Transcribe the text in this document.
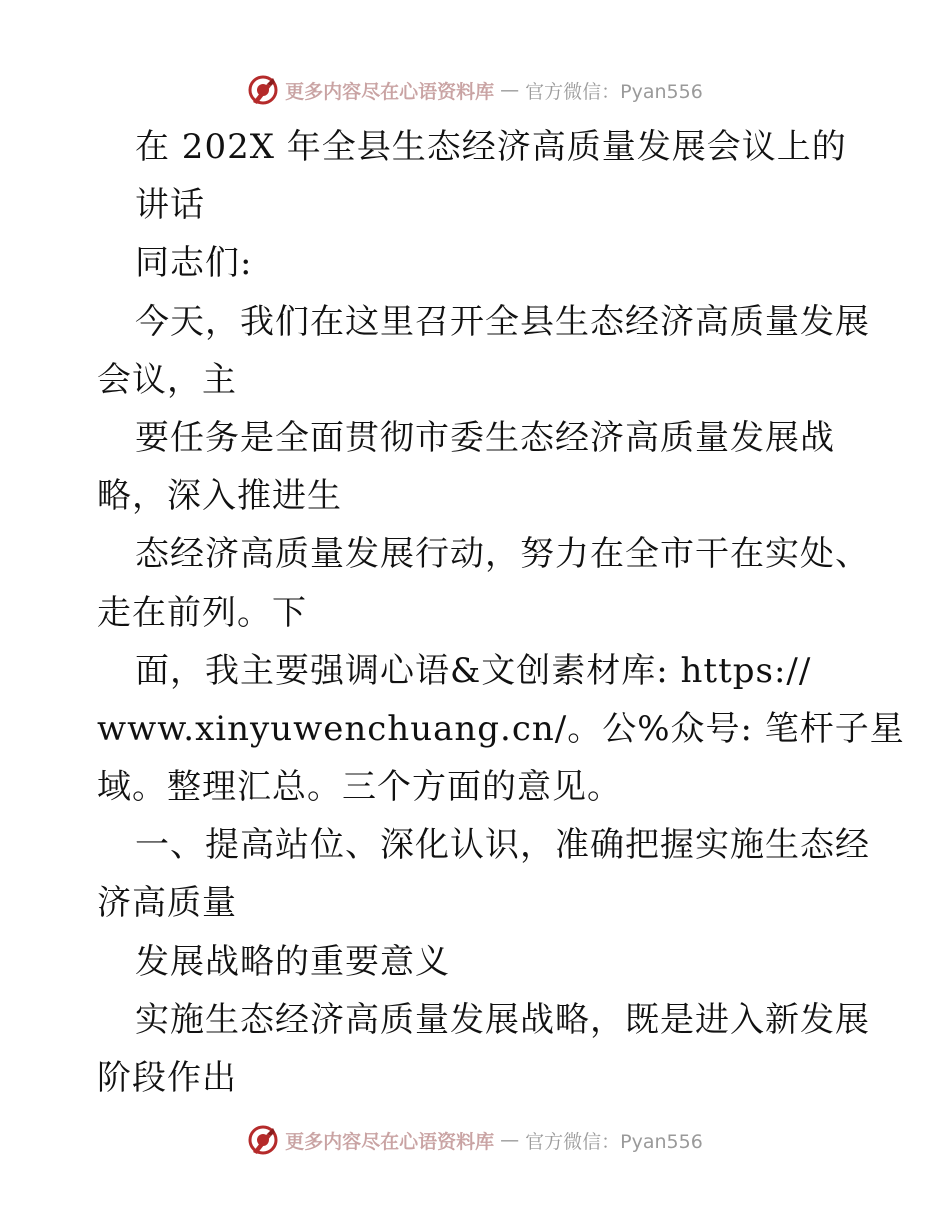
更多内容尽在心语资料库 — 官方微信：Pyan556
在 202X 年全县生态经济高质量发展会议上的
讲话
同志们:
今天，我们在这里召开全县生态经济高质量发展
会议，主
要任务是全面贯彻市委生态经济高质量发展战
略，深入推进生
态经济高质量发展行动，努力在全市干在实处、
走在前列。下
面，我主要强调心语&文创素材库: https://
www.xinyuwenchuang.cn/。公%众号: 笔杆子星
域。整理汇总。三个方面的意见。
一、提高站位、深化认识，准确把握实施生态经
济高质量
发展战略的重要意义
实施生态经济高质量发展战略，既是进入新发展
阶段作出
更多内容尽在心语资料库 — 官方微信：Pyan556
